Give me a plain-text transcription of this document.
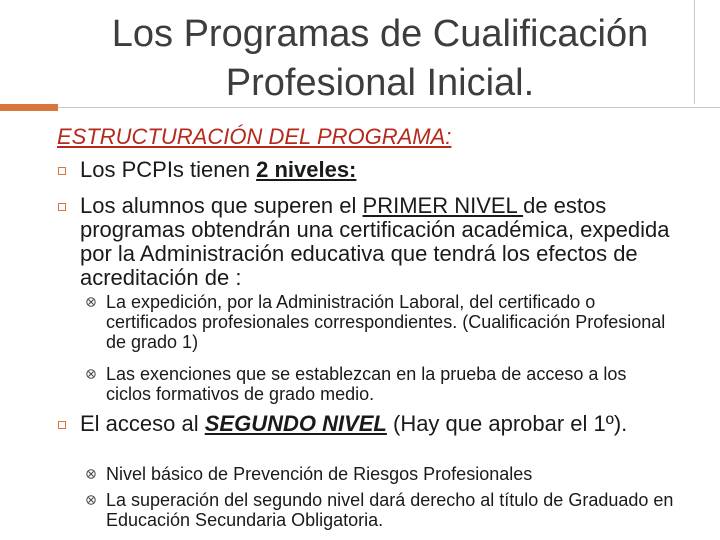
Los Programas de Cualificación
Profesional Inicial.
ESTRUCTURACIÓN DEL PROGRAMA:
Los PCPIs tienen 2 niveles:
Los alumnos que superen el PRIMER NIVEL de estos programas obtendrán una certificación académica, expedida por la Administración educativa que tendrá los efectos de acreditación de :
La expedición, por la Administración Laboral, del certificado o certificados profesionales correspondientes. (Cualificación Profesional de grado 1)
Las exenciones que se establezcan en la prueba de acceso a los ciclos formativos de grado medio.
El acceso al SEGUNDO NIVEL (Hay que aprobar el 1º).
Nivel básico de Prevención de Riesgos Profesionales
La superación del segundo nivel dará derecho al título de Graduado en Educación Secundaria Obligatoria.
